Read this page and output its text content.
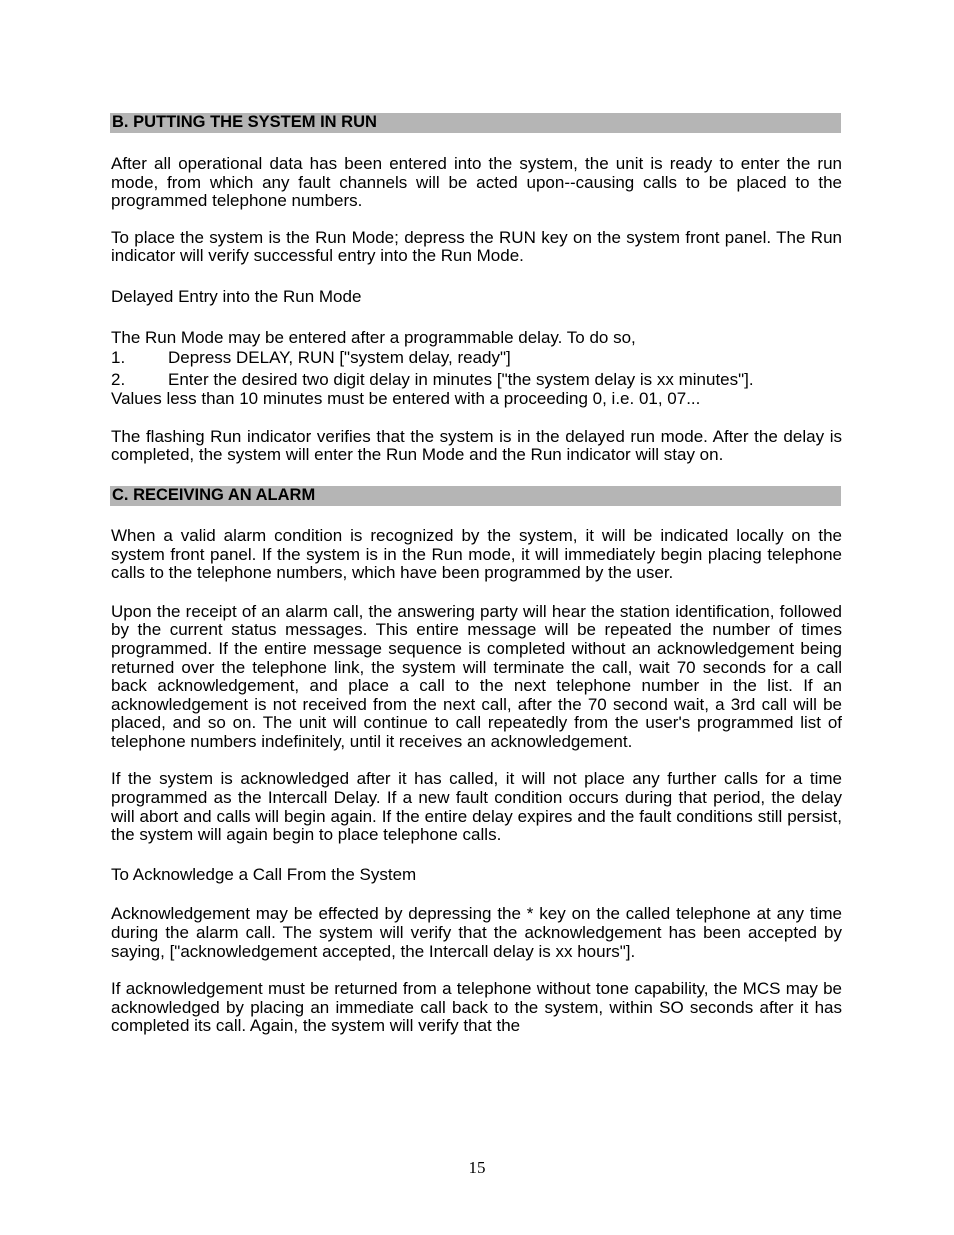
B. PUTTING THE SYSTEM IN RUN

After all operational data has been entered into the system, the unit is ready to enter the run mode, from which any fault channels will be acted upon--causing calls to be placed to the programmed telephone numbers.

To place the system is the Run Mode; depress the RUN key on the system front panel. The Run indicator will verify successful entry into the Run Mode.

Delayed Entry into the Run Mode

The Run Mode may be entered after a programmable delay. To do so,

1.	Depress DELAY, RUN ["system delay, ready"]
2.	Enter the desired two digit delay in minutes ["the system delay is xx minutes"].

Values less than 10 minutes must be entered with a proceeding 0, i.e. 01, 07...

The flashing Run indicator verifies that the system is in the delayed run mode. After the delay is completed, the system will enter the Run Mode and the Run indicator will stay on.

C. RECEIVING AN ALARM

When a valid alarm condition is recognized by the system, it will be indicated locally on the system front panel. If the system is in the Run mode, it will immediately begin placing telephone calls to the telephone numbers, which have been programmed by the user.

Upon the receipt of an alarm call, the answering party will hear the station identification, followed by the current status messages. This entire message will be repeated the number of times programmed. If the entire message sequence is completed without an acknowledgement being returned over the telephone link, the system will terminate the call, wait 70 seconds for a call back acknowledgement, and place a call to the next telephone number in the list. If an acknowledgement is not received from the next call, after the 70 second wait, a 3rd call will be placed, and so on. The unit will continue to call repeatedly from the user's programmed list of telephone numbers indefinitely, until it receives an acknowledgement.

If the system is acknowledged after it has called, it will not place any further calls for a time programmed as the Intercall Delay. If a new fault condition occurs during that period, the delay will abort and calls will begin again. If the entire delay expires and the fault conditions still persist, the system will again begin to place telephone calls.

To Acknowledge a Call From the System

Acknowledgement may be effected by depressing the * key on the called telephone at any time during the alarm call. The system will verify that the acknowledgement has been accepted by saying, ["acknowledgement accepted, the Intercall delay is xx hours"].

If acknowledgement must be returned from a telephone without tone capability, the MCS may be acknowledged by placing an immediate call back to the system, within SO seconds after it has completed its call. Again, the system will verify that the

15
